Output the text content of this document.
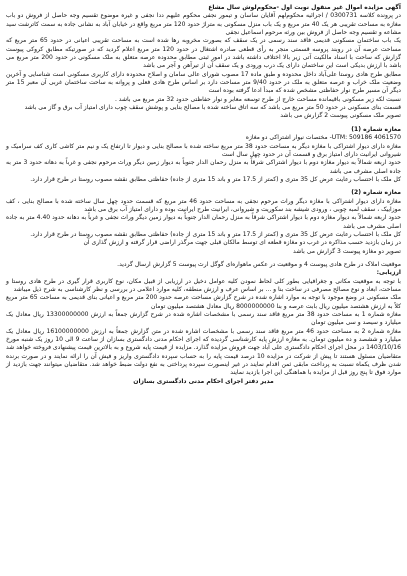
آگهی مزایده اموال غیر منقول نوبت اول -محکوم‌لوش سال مشاع

در پرونده کلاسه 0300731 / اجرائیه محکوم‌لهم آقایان ساسان و تیمور نجفی محکوم علیهم ددا نجفی و غیره موضوع تقسیم وجه حاصل از فروش دو باب مغازه به مساحت تقریبی هر یک 40 متر مربع و یک باب منزل مسکونی به متراژ حدود 120 متر مربع واقع در خیابان آباد به نشانی جاده به سمت کاترشت سید مشاعه و تقسیم وجه حاصل از فروش بین ورثه مرحوم اسماعیل نجفی

یک باب ساختمان مسکونی قدیمی فاقد سند رسمی در یک سقف که بصورت مخروبه رها شده است به مساحت تقریبی اعیانی در حدود 65 متر مربع که مساحت عرصه آن در روبند پروسه قسمتی منجر به رأی قطعی صادره اشتغال در حدود 120 متر مربع اعلام گردید که در صورتیکه مطابق کروکی پیوست گزارش که ساحت با اسناد مالکیت آتی زیر بالا اختلاف داشته باشد در امور ثبتی مطابق محدوده عرصه متعلق به ملک مسکونی در حدود 200 متر مربع می باشد با ارزش بدیکی است این ساختمان دارای یک درب ورودی و یک سقف آن از تیرآهن و آجر می باشد

مطابق طرح هادی روستا علی‌آباد داخل محدوده و طبق ماده 17 مصوب شورای عالی سامان و اصلاح محدوده دارای کاربری مسکونی است شناسایی و آخرین وضعیت ملک خراب و عرصه متعلق به ملک در حدود 9/40 متر مساحت دارد بر اساس طرح هادی فعلی و پروانه به ساحت ساختمان غربی آن معبر 15 متر دیگر آن مسیر طرح نوار حفاظتی مشخص شده که مبدأ ادعا گرفته بوده است

نسبت لکه زیر مسکونی باقیمانده مساحت خارج از طرح توسعه معابر و نوار حفاظتی حدود 32 متر مربع می باشد .

قسمت بنای مسکونی در حدود 50 متر مربع می باشد که سه اتاق ساخته شده با مصالح بنایی و پوشش سقف چوب دارای امتیاز آب برق و گاز می باشد

تصویر ملک مسکونی پیوست 2 گزارش می باشد

مغازه شماره (1)

UTM: 509186 4061570- مختصات نیوار اشتراکی دو مغازه

مغازه دارای دیوار اشتراکی با مغازه دیگر به مساحت حدود 38 متر مربع ساخته شده با مصالح بنایی و دیوار تا ارتفاع یک و نیم متر کاشی کاری کف سرامیک و شیروانی ایرانیت دارای امتیاز برق و قسمت آن در حدود چهل سال است

حدود اربعه شمالاً به دیوار مغازه دوم با دیوار اشتراکی شرقاً به منزل رحمان الدار جنوباً به دیوار زمین دیگر وراث مرحوم نجفی و غرباً به دهانه حدود 3 متر به جاده اصلی مشرف می باشد

کل ملک با احتساب رعایت عرض کل 35 متری و (کمتر از 17.5 متر و باند 15 متری از جاده) حفاظتی مطابق نقشه مصوب روستا در طرح قرار دارد.

مغازه شماره (2)

مغازه دارای دیوار اشتراکی با مغازه دیگر وراث مرحوم نجفی به مساحت حدود 46 متر مربع که قسمت حدود چهل سال ساخته شده با مصالح بنایی ، کف موزاییک ، سقف لمبه چوبی ، ورودی شیشه بند سکوریت و شیروانی، ایرانیت طرح ایرانیت بوده و دارای امتیاز آب برق می باشد

حدود اربعه شمالاً به دیوار مغازه دوم با دیوار اشتراکی شرقاً به منزل رحمان الدار جنوباً به دیوار زمین دیگر وراث نجفی و غرباً به دهانه حدود 4.40 متر به جاده اصلی مشرف می باشد

کل ملک با احتساب رعایت عرض کل 35 متری و (کمتر از 17.5 متر و باند 15 متری از جاده) حفاظتی مطابق نقشه مصوب روستا در طرح قرار دارد.

در زمان بازدید حسب مذاکره در غرب دو مغازه قطعه ای توسط مالکان قبلی جهت مرگذر اراضی قرار گرفته و ارزش گذاری آن

تصویر دو مغازه پیوست 3 گزارش می باشد

موقعیت املاک در طرح هادی پیوست 4 و موقعیت در عکس ماهواره‌ای گوگل ارث پیوست 5 گزارش ارسال گردید.

ارزیابی:

با توجه به موقعیت مکانی و جغرافیایی بطور کلی لحاظ نمودن کلیه عوامل دخیل در ارزیابی از قبیل مکان، نوع کاربری قرار گیری در طرح هادی روستا و مساحت، ابعاد و نوع مصالح مصرفی در ساخت بنا و ... بر اساس عرف و ارزش منطقه، کلیه موارد اعلامی در بررسی و نظر کارشناسی به شرح ذیل میباشد

ملک مسکونی در وضع موجود با توجه به موارد اشاره شده در شرح گزارش مساحت عرصه حدود 200 متر مربع و اعیانی بنای قدیمی به مساحت 65 متر مربع کلاً به ارزش هشتصد میلیون ریال بابت عرصه و بنا 8000000000 ریال معادل هشتصد میلیون تومان

مغازه شماره 1 به مساحت حدود 38 متر مربع فاقد سند رسمی با مشخصات اشاره شده در شرح گزارش جمعاً به ارزش 13300000000 ریال معادل یک میلیارد و سیصد و سی میلیون تومان

مغازه شماره 2 به مساحت حدود 46 متر مربع فاقد سند رسمی با مشخصات اشاره شده در متن گزارش جمعاً به ارزش 16100000000 ریال معادل یک میلیارد و ششصد و ده میلیون تومان. به مغازه ارزش پایه کارشناسی گردیده که اجرای احکام مدنی دادگستری بسازان از ساعت 9 الی 10 روز یک شنبه مورخ 1403/10/16 در محل اجرای احکام دادگستری علی آباد جهت فروش مزایده گذارد. مزایده از قیمت پایه شروع و به بالاترین قیمت پیشنهادی فروخته خواهد شد متقاضیان مسئول هستند تا پیش از شرکت در مزایده 10 درصد قیمت پایه را به حساب سپرده دادگستری واریز و فیش آن را ارائه نمایند و در صورت برنده شدن ظرف یکماه نسبت به پرداخت مابقی ثمن اقدام نمایند در غیر اینصورت سپرده پرداختی به نفع دولت ضبط خواهد شد. متقاضیان میتوانند جهت بازدید از موارد فوق تا پنج روز قبل از مزایده با هماهنگی این اجرا بازدید نمایند

مدیر دفتر اجرای احکام مدنی دادگستری بسازان
